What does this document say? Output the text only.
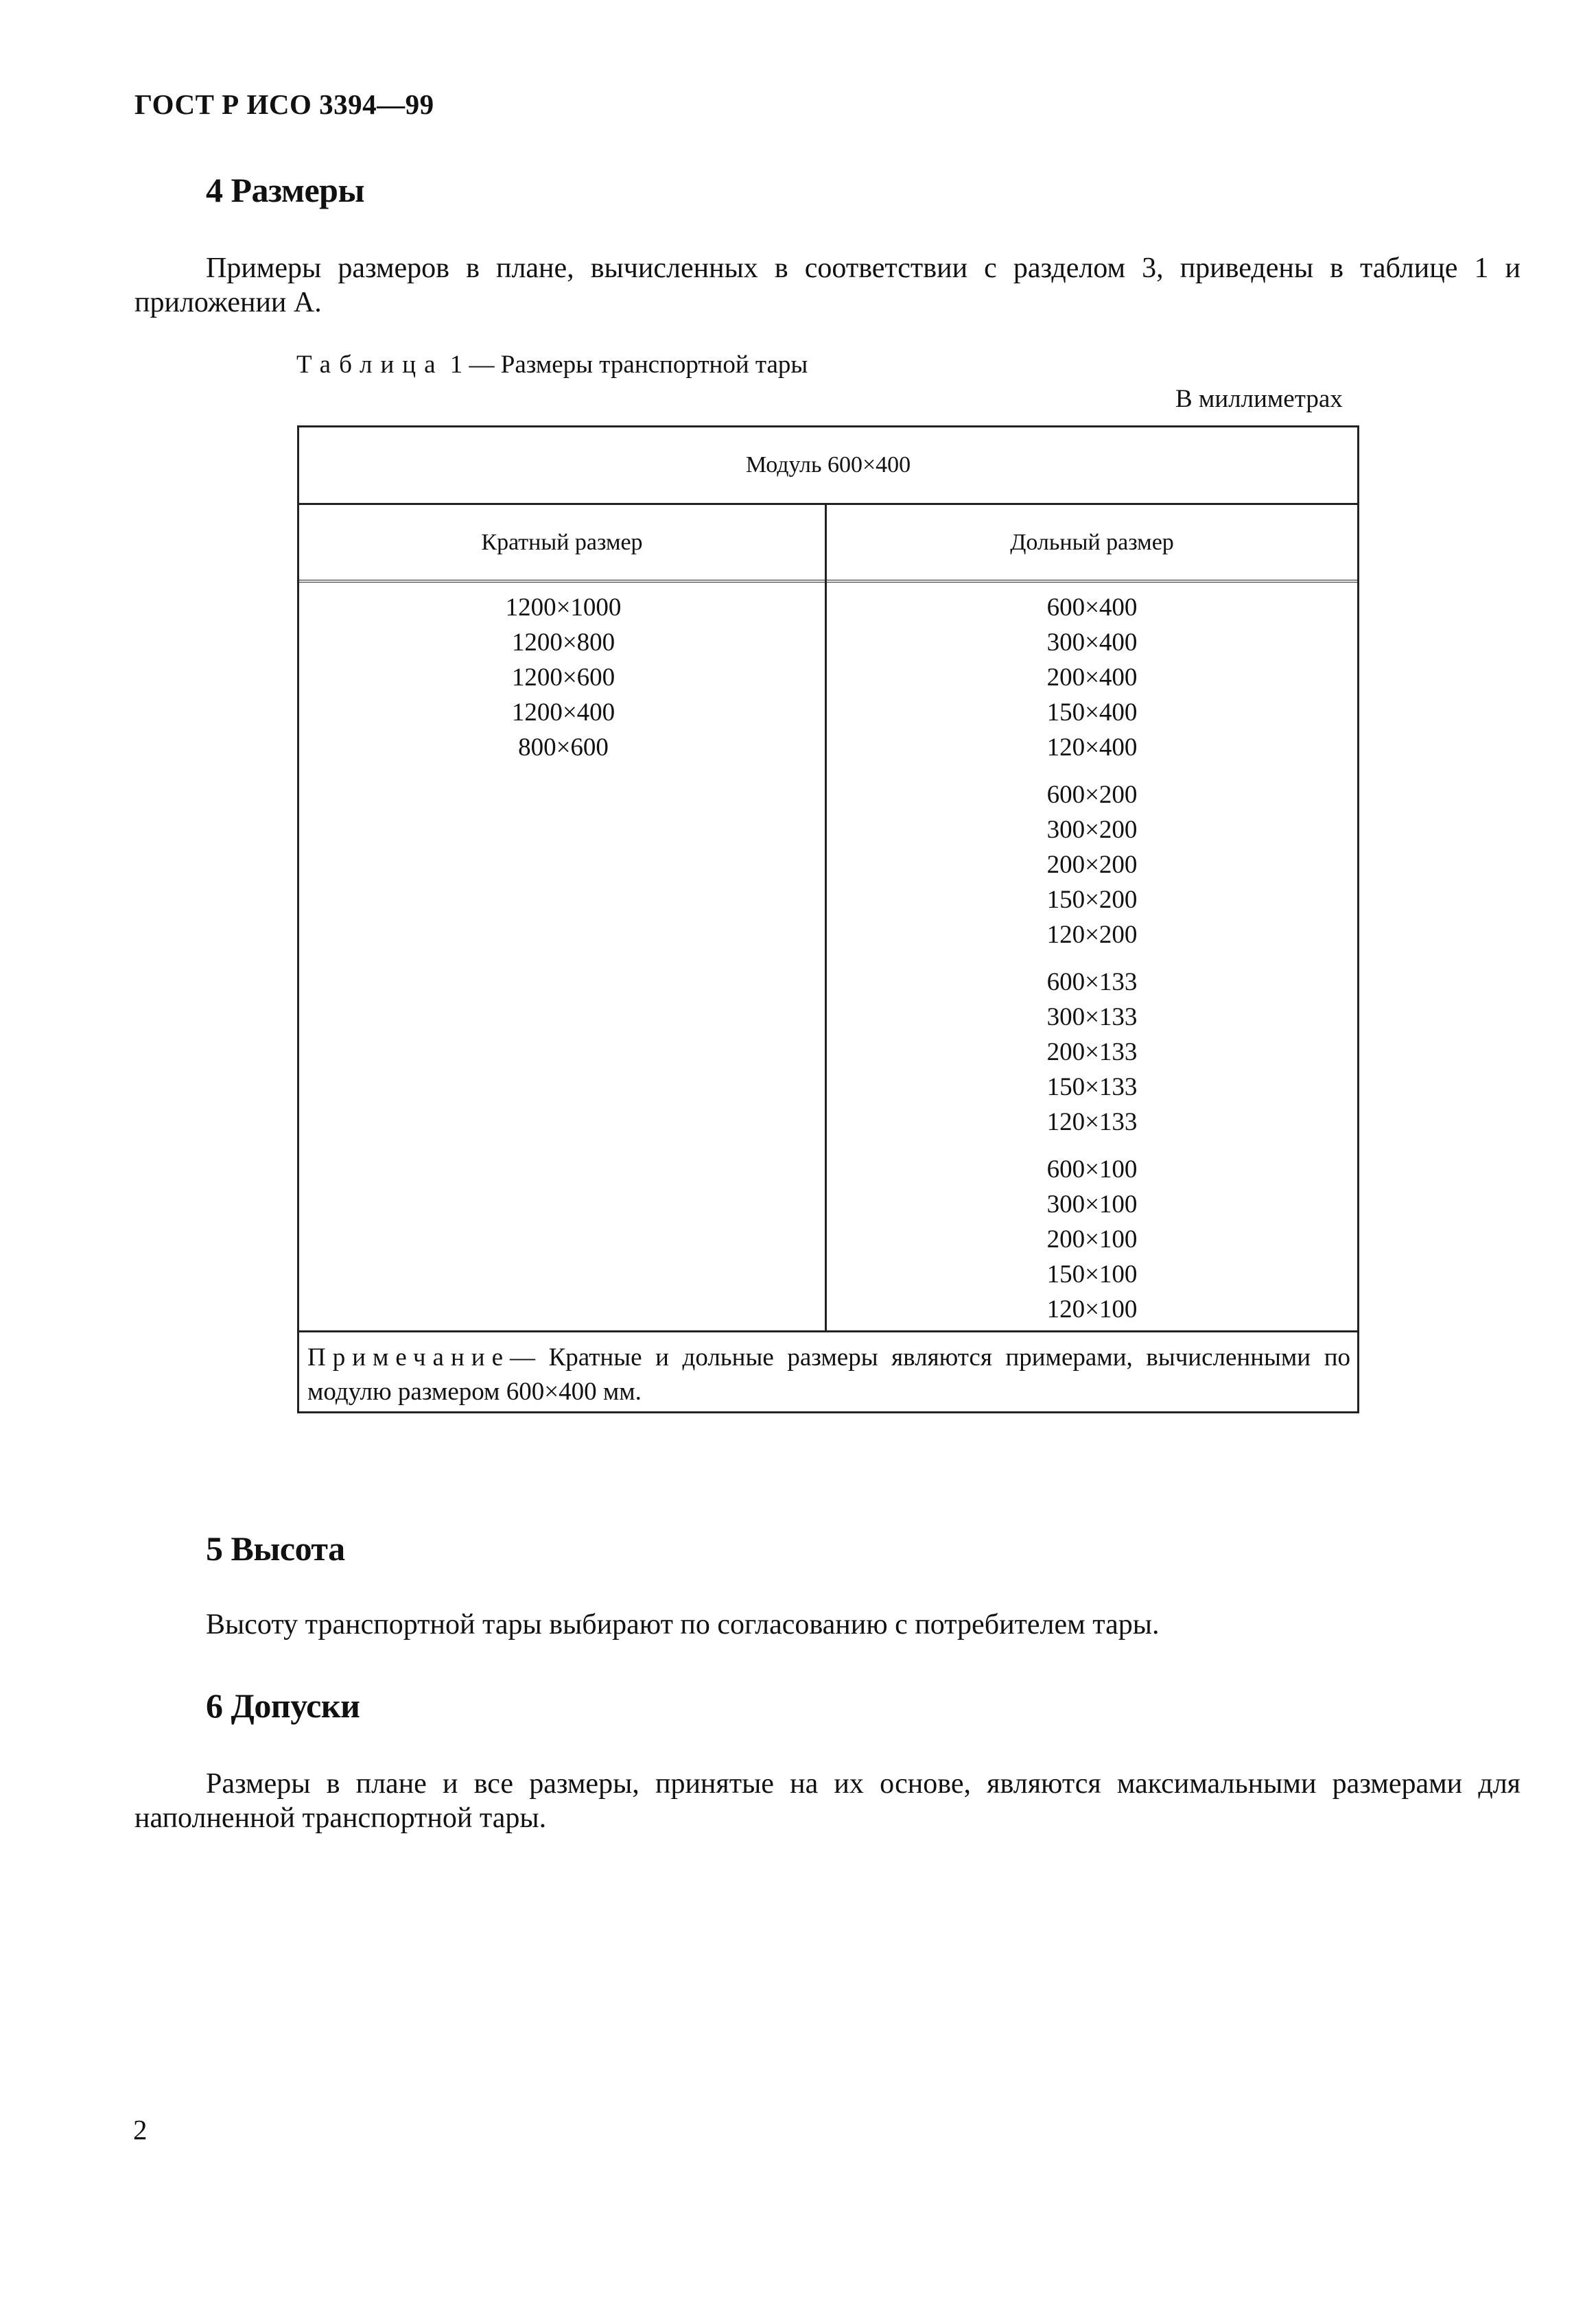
ГОСТ Р ИСО 3394—99
4 Размеры
Примеры размеров в плане, вычисленных в соответствии с разделом 3, приведены в таблице 1 и приложении А.
Таблица 1 — Размеры транспортной тары
В миллиметрах
Модуль 600×400
Кратный размер	Дольный размер
1200×1000
1200×800
1200×600
1200×400
800×600
600×400
300×400
200×400
150×400
120×400
600×200
300×200
200×200
150×200
120×200
600×133
300×133
200×133
150×133
120×133
600×100
300×100
200×100
150×100
120×100
Примечание— Кратные и дольные размеры являются примерами, вычисленными по модулю размером 600×400 мм.
5 Высота
Высоту транспортной тары выбирают по согласованию с потребителем тары.
6 Допуски
Размеры в плане и все размеры, принятые на их основе, являются максимальными размерами для наполненной транспортной тары.
2
